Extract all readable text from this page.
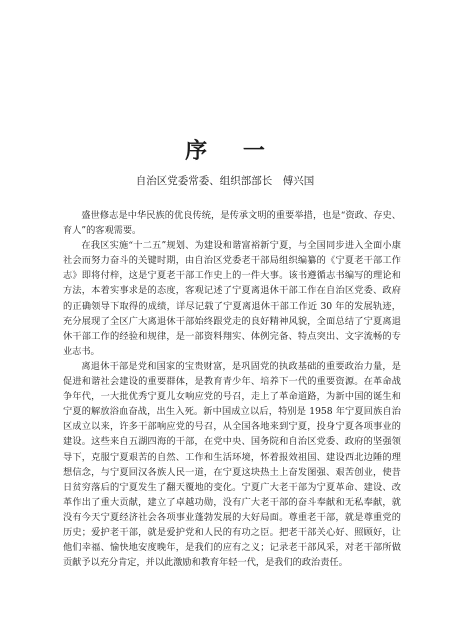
序 一
自治区党委常委、组织部部长　傅兴国

盛世修志是中华民族的优良传统，是传承文明的重要举措，也是“资政、存史、育人”的客观需要。

在我区实施“十二五”规划、为建设和谐富裕新宁夏，与全国同步进入全面小康社会而努力奋斗的关键时期，由自治区党委老干部局组织编纂的《宁夏老干部工作志》即将付梓，这是宁夏老干部工作史上的一件大事。该书遵循志书编写的理论和方法，本着实事求是的态度，客观记述了宁夏离退休干部工作在自治区党委、政府的正确领导下取得的成绩，详尽记载了宁夏离退休干部工作近 30 年的发展轨迹，充分展现了全区广大离退休干部始终跟党走的良好精神风貌，全面总结了宁夏离退休干部工作的经验和规律，是一部资料翔实、体例完备、特点突出、文字流畅的专业志书。

离退休干部是党和国家的宝贵财富，是巩固党的执政基础的重要政治力量，是促进和谐社会建设的重要群体，是教育青少年、培养下一代的重要资源。在革命战争年代，一大批优秀宁夏儿女响应党的号召，走上了革命道路，为新中国的诞生和宁夏的解放浴血奋战，出生入死。新中国成立以后，特别是 1958 年宁夏回族自治区成立以来，许多干部响应党的号召，从全国各地来到宁夏，投身宁夏各项事业的建设。这些来自五湖四海的干部，在党中央、国务院和自治区党委、政府的坚强领导下，克服宁夏艰苦的自然、工作和生活环境，怀着报效祖国、建设西北边陲的理想信念，与宁夏回汉各族人民一道，在宁夏这块热土上奋发图强、艰苦创业，使昔日贫穷落后的宁夏发生了翻天覆地的变化。宁夏广大老干部为宁夏革命、建设、改革作出了重大贡献，建立了卓越功勋，没有广大老干部的奋斗奉献和无私奉献，就没有今天宁夏经济社会各项事业蓬勃发展的大好局面。尊重老干部，就是尊重党的历史；爱护老干部，就是爱护党和人民的有功之臣。把老干部关心好、照顾好，让他们幸福、愉快地安度晚年，是我们的应有之义；记录老干部风采，对老干部所做贡献予以充分肯定，并以此激励和教育年轻一代，是我们的政治责任。
